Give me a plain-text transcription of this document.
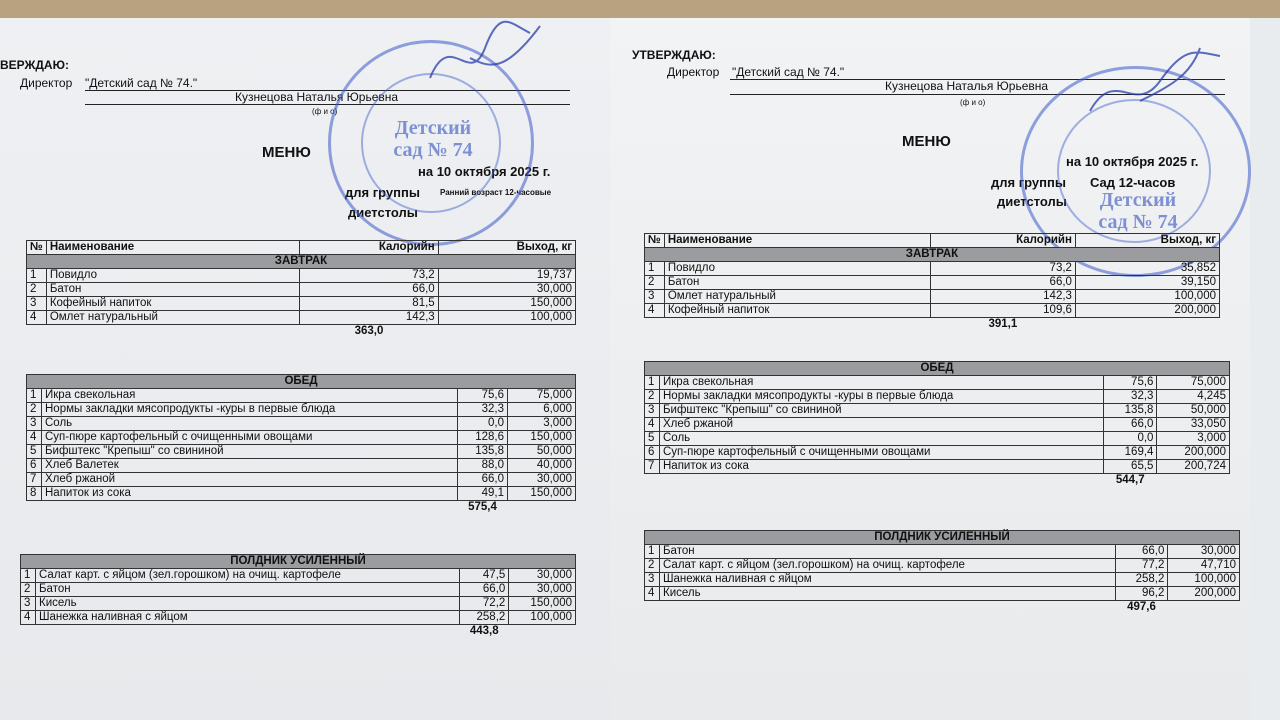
ВЕРЖДАЮ:
Директор "Детский сад № 74."
Кузнецова Наталья Юрьевна
(ф и о)
МЕНЮ
на 10 октября 2025 г.
для группы	Ранний возраст 12-часовые
диетстолы
Детский сад № 74
№	Наименование	Калорийн	Выход, кг
ЗАВТРАК			
1	Повидло	73,2	19,737
2	Батон	66,0	30,000
3	Кофейный напиток	81,5	150,000
4	Омлет натуральный	142,3	100,000
		363,0	
ОБЕД			
1	Икра свекольная	75,6	75,000
2	Нормы закладки мясопродукты -куры в первые блюда	32,3	6,000
3	Соль	0,0	3,000
4	Суп-пюре картофельный с очищенными овощами	128,6	150,000
5	Бифштекс "Крепыш" со свининой	135,8	50,000
6	Хлеб Валетек	88,0	40,000
7	Хлеб ржаной	66,0	30,000
8	Напиток из сока	49,1	150,000
		575,4	
ПОЛДНИК УСИЛЕННЫЙ			
1	Салат карт. с яйцом (зел.горошком) на очищ. картофеле	47,5	30,000
2	Батон	66,0	30,000
3	Кисель	72,2	150,000
4	Шанежка наливная с яйцом	258,2	100,000
		443,8	
УТВЕРЖДАЮ:
Директор "Детский сад № 74."
Кузнецова Наталья Юрьевна
(ф и о)
МЕНЮ
на 10 октября 2025 г.
для группы Сад 12-часов
диетстолы	Детский сад № 74
№	Наименование	Калорийн	Выход, кг
ЗАВТРАК			
1	Повидло	73,2	35,852
2	Батон	66,0	39,150
3	Омлет натуральный	142,3	100,000
4	Кофейный напиток	109,6	200,000
		391,1	
ОБЕД			
1	Икра свекольная	75,6	75,000
2	Нормы закладки мясопродукты -куры в первые блюда	32,3	4,245
3	Бифштекс "Крепыш" со свининой	135,8	50,000
4	Хлеб ржаной	66,0	33,050
5	Соль	0,0	3,000
6	Суп-пюре картофельный с очищенными овощами	169,4	200,000
7	Напиток из сока	65,5	200,724
		544,7	
ПОЛДНИК УСИЛЕННЫЙ			
1	Батон	66,0	30,000
2	Салат карт. с яйцом (зел.горошком) на очищ. картофеле	77,2	47,710
3	Шанежка наливная с яйцом	258,2	100,000
4	Кисель	96,2	200,000
		497,6	
